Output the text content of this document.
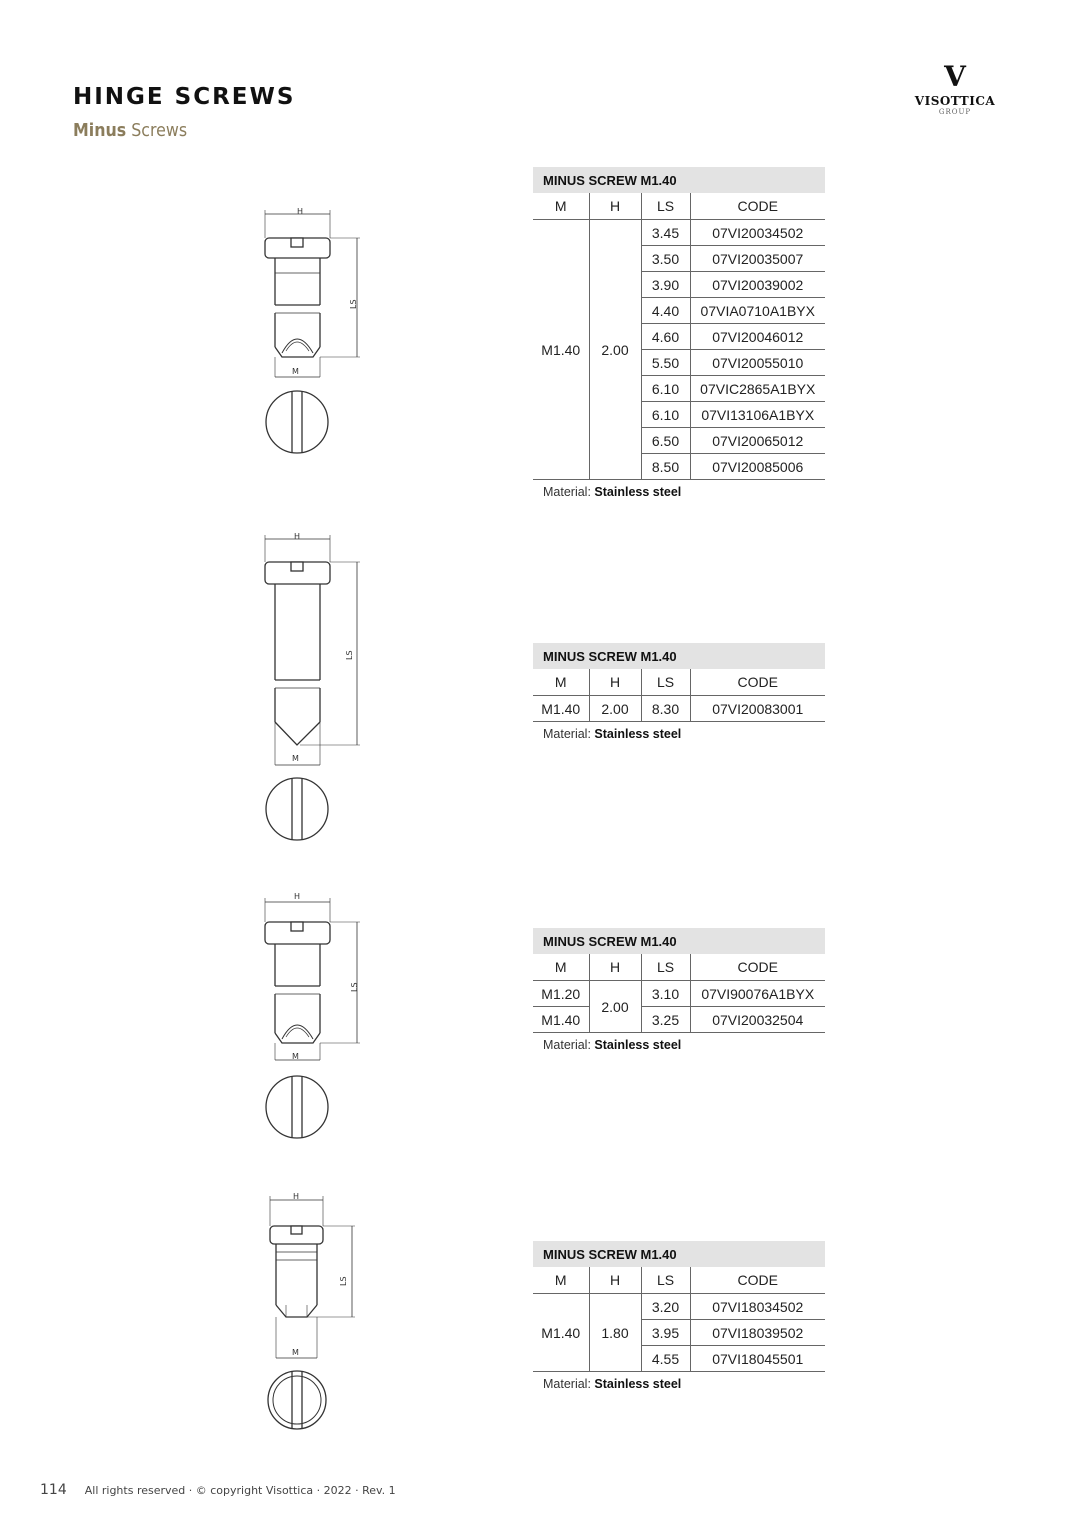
HINGE SCREWS
Minus Screws
V
VISOTTICA
GROUP
H
LS
M
H
LS
M
H
LS
M
H
LS
M
MINUS SCREW M1.40			
M	H	LS	CODE
M1.40	2.00	3.45	07VI20034502
		3.50	07VI20035007
		3.90	07VI20039002
		4.40	07VIA0710A1BYX
		4.60	07VI20046012
		5.50	07VI20055010
		6.10	07VIC2865A1BYX
		6.10	07VI13106A1BYX
		6.50	07VI20065012
		8.50	07VI20085006
Material: Stainless steel
MINUS SCREW M1.40			
M	H	LS	CODE
M1.40	2.00	8.30	07VI20083001
Material: Stainless steel
MINUS SCREW M1.40			
M	H	LS	CODE
M1.20	2.00	3.10	07VI90076A1BYX
M1.40		3.25	07VI20032504
Material: Stainless steel
MINUS SCREW M1.40			
M	H	LS	CODE
M1.40	1.80	3.20	07VI18034502
		3.95	07VI18039502
		4.55	07VI18045501
Material: Stainless steel
114 All rights reserved · © copyright Visottica · 2022 · Rev. 1
